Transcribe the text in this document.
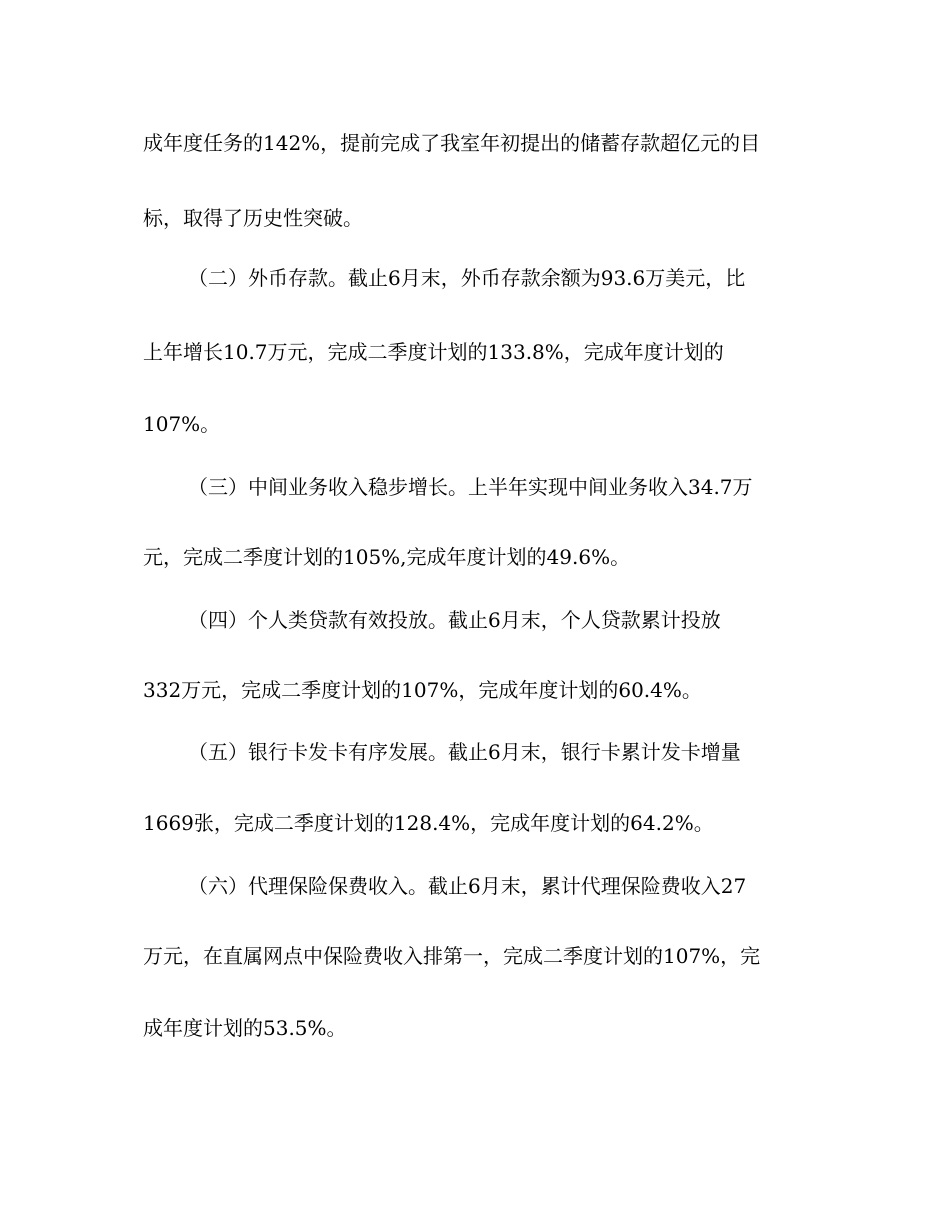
成年度任务的142%，提前完成了我室年初提出的储蓄存款超亿元的目
标，取得了历史性突破。
（二）外币存款。截止6月末，外币存款余额为93.6万美元，比
上年增长10.7万元，完成二季度计划的133.8%，完成年度计划的
107%。
（三）中间业务收入稳步增长。上半年实现中间业务收入34.7万
元，完成二季度计划的105%,完成年度计划的49.6%。
（四）个人类贷款有效投放。截止6月末，个人贷款累计投放
332万元，完成二季度计划的107%，完成年度计划的60.4%。
（五）银行卡发卡有序发展。截止6月末，银行卡累计发卡增量
1669张，完成二季度计划的128.4%，完成年度计划的64.2%。
（六）代理保险保费收入。截止6月末，累计代理保险费收入27
万元，在直属网点中保险费收入排第一，完成二季度计划的107%，完
成年度计划的53.5%。
